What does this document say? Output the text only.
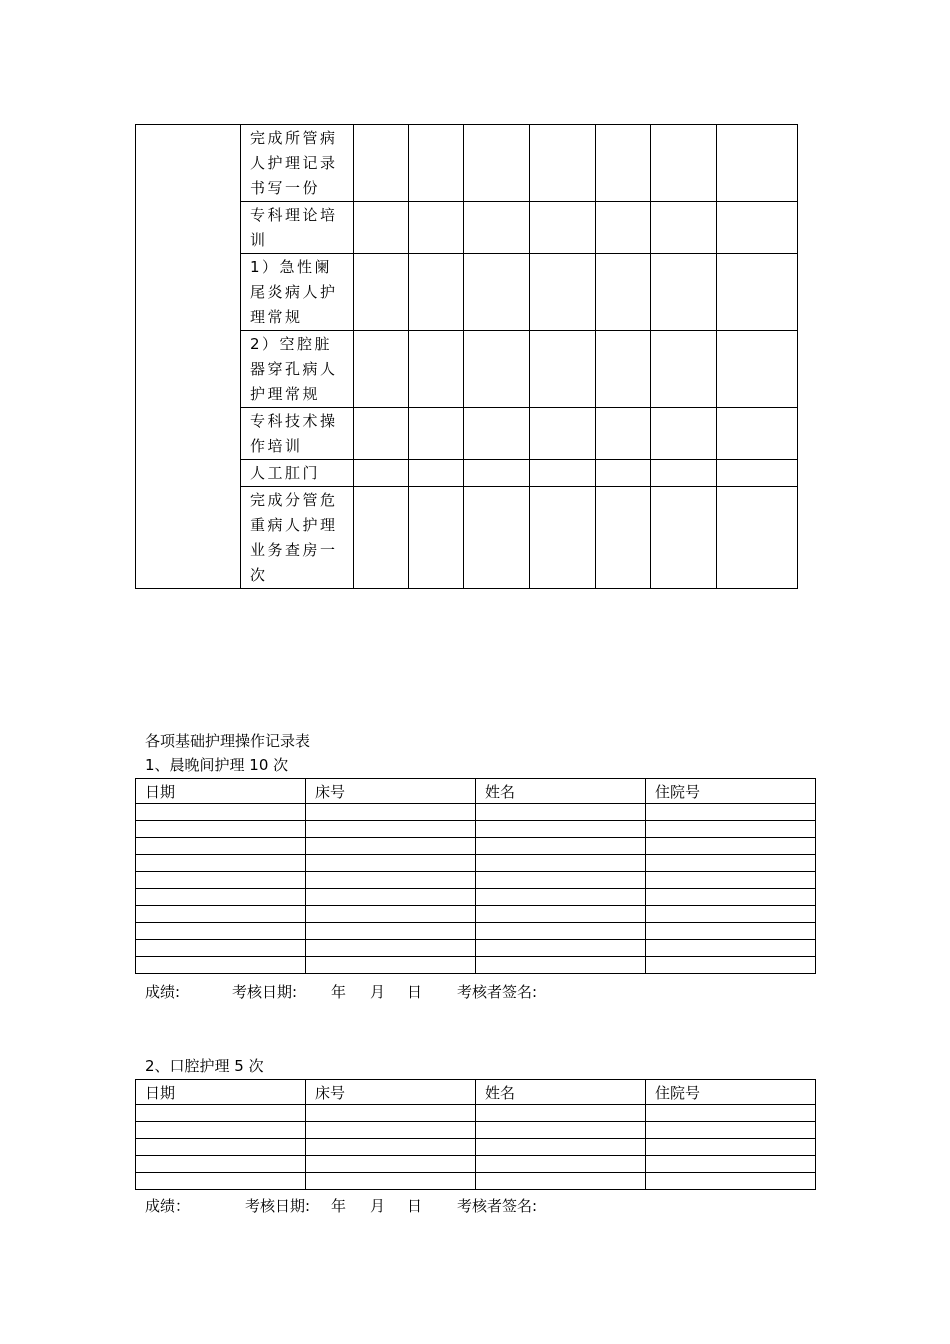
	完成所管病人护理记录书写一份							
	专科理论培训							
	1）急性阑尾炎病人护理常规							
	2）空腔脏器穿孔病人护理常规							
	专科技术操作培训							
	人工肛门							
	完成分管危重病人护理业务查房一次							
各项基础护理操作记录表
1、晨晚间护理 10 次
日期	床号	姓名	住院号

成绩:	考核日期: 年 月 日 考核者签名:
2、口腔护理 5 次
日期	床号	姓名	住院号

成绩：	考核日期: 年 月 日 考核者签名:
